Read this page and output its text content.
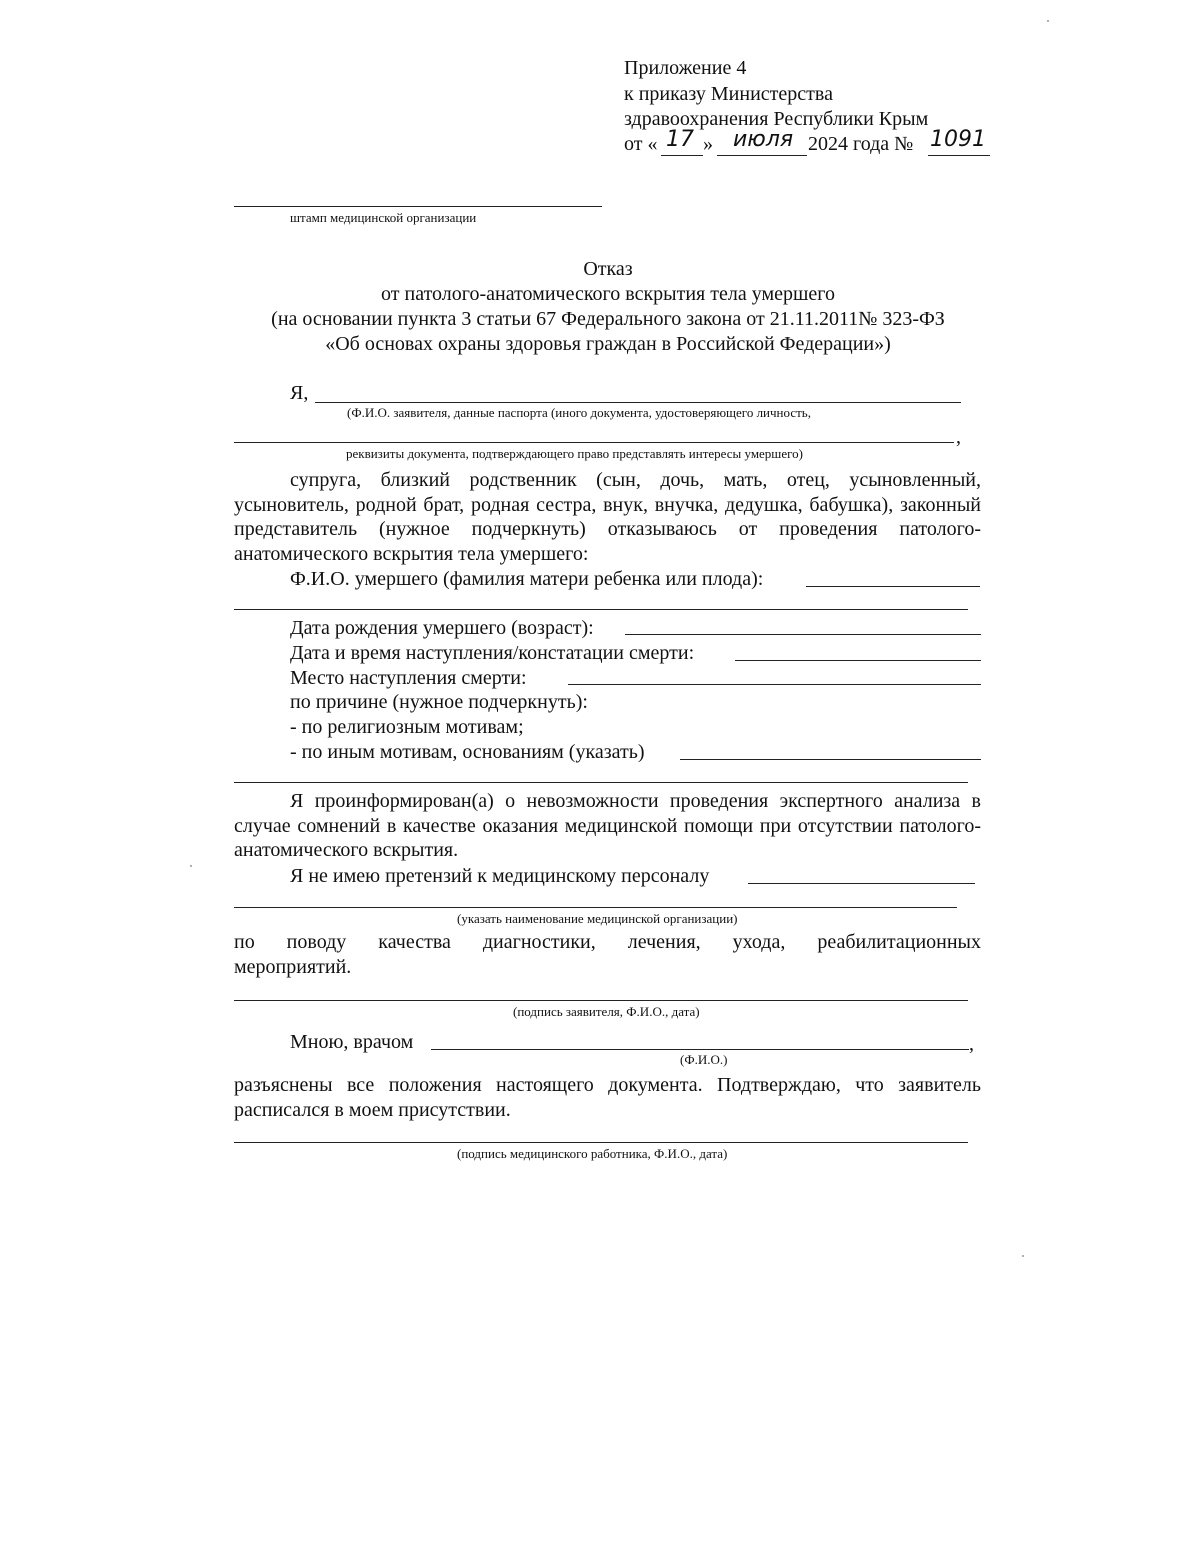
Приложение 4
к приказу Министерства
здравоохранения Республики Крым
от « 17 » июля 2024 года № 1091
штамп медицинской организации
Отказ
от патолого-анатомического вскрытия тела умершего
(на основании пункта 3 статьи 67 Федерального закона от 21.11.2011№ 323-ФЗ
«Об основах охраны здоровья граждан в Российской Федерации»)
Я,
(Ф.И.О. заявителя, данные паспорта (иного документа, удостоверяющего личность,
,
реквизиты документа, подтверждающего право представлять интересы умершего)
супруга, близкий родственник (сын, дочь, мать, отец, усыновленный, усыновитель, родной брат, родная сестра, внук, внучка, дедушка, бабушка), законный представитель (нужное подчеркнуть) отказываюсь от проведения патолого-анатомического вскрытия тела умершего:
Ф.И.О. умершего (фамилия матери ребенка или плода):
Дата рождения умершего (возраст):
Дата и время наступления/констатации смерти:
Место наступления смерти:
по причине (нужное подчеркнуть):
- по религиозным мотивам;
- по иным мотивам, основаниям (указать)
Я проинформирован(а) о невозможности проведения экспертного анализа в случае сомнений в качестве оказания медицинской помощи при отсутствии патолого-анатомического вскрытия.
Я не имею претензий к медицинскому персоналу
(указать наименование медицинской организации)
по поводу качества диагностики, лечения, ухода, реабилитационных
мероприятий.
(подпись заявителя, Ф.И.О., дата)
Мною, врачом	,
(Ф.И.О.)
разъяснены все положения настоящего документа. Подтверждаю, что заявитель расписался в моем присутствии.
(подпись медицинского работника, Ф.И.О., дата)
